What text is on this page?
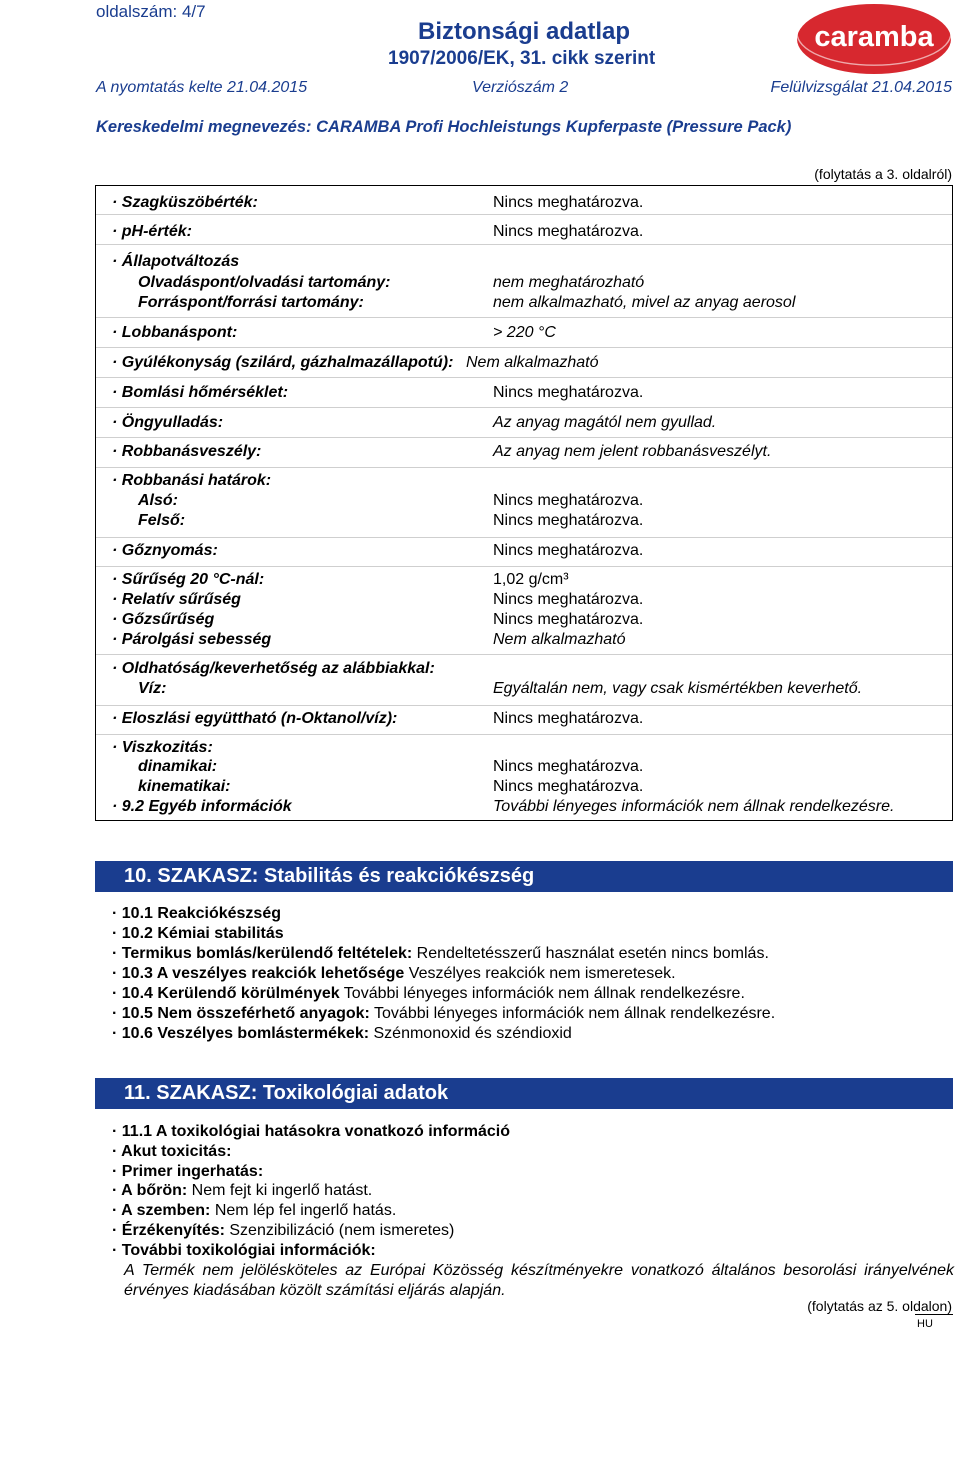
oldalszám: 4/7
Biztonsági adatlap
1907/2006/EK, 31. cikk szerint
A nyomtatás kelte 21.04.2015	Verziószám 2	Felülvizsgálat 21.04.2015
Kereskedelmi megnevezés: CARAMBA Profi Hochleistungs Kupferpaste (Pressure Pack)
caramba
(folytatás a 3. oldalról)
· Szagküszöbérték:	Nincs meghatározva.
· pH-érték:	Nincs meghatározva.
· Állapotváltozás
Olvadáspont/olvadási tartomány:	nem meghatározható
Forráspont/forrási tartomány:	nem alkalmazható, mivel az anyag aerosol
· Lobbanáspont:	> 220 °C
· Gyúlékonyság (szilárd, gázhalmazállapotú): Nem alkalmazható
· Bomlási hőmérséklet:	Nincs meghatározva.
· Öngyulladás:	Az anyag magától nem gyullad.
· Robbanásveszély:	Az anyag nem jelent robbanásveszélyt.
· Robbanási határok:
Alsó:	Nincs meghatározva.
Felső:	Nincs meghatározva.
· Gőznyomás:	Nincs meghatározva.
· Sűrűség 20 °C-nál:	1,02 g/cm³
· Relatív sűrűség	Nincs meghatározva.
· Gőzsűrűség	Nincs meghatározva.
· Párolgási sebesség	Nem alkalmazható
· Oldhatóság/keverhetőség az alábbiakkal:
Víz:	Egyáltalán nem, vagy csak kismértékben keverhető.
· Eloszlási együttható (n-Oktanol/víz):	Nincs meghatározva.
· Viszkozitás:
dinamikai:	Nincs meghatározva.
kinematikai:	Nincs meghatározva.
· 9.2 Egyéb információk	További lényeges információk nem állnak rendelkezésre.
10. SZAKASZ: Stabilitás és reakciókészség
· 10.1 Reakciókészség
· 10.2 Kémiai stabilitás
· Termikus bomlás/kerülendő feltételek: Rendeltetésszerű használat esetén nincs bomlás.
· 10.3 A veszélyes reakciók lehetősége Veszélyes reakciók nem ismeretesek.
· 10.4 Kerülendő körülmények További lényeges információk nem állnak rendelkezésre.
· 10.5 Nem összeférhető anyagok: További lényeges információk nem állnak rendelkezésre.
· 10.6 Veszélyes bomlástermékek: Szénmonoxid és széndioxid
11. SZAKASZ: Toxikológiai adatok
· 11.1 A toxikológiai hatásokra vonatkozó információ
· Akut toxicitás:
· Primer ingerhatás:
· A bőrön: Nem fejt ki ingerlő hatást.
· A szemben: Nem lép fel ingerlő hatás.
· Érzékenyítés: Szenzibilizáció (nem ismeretes)
· További toxikológiai információk:
A Termék nem jelölésköteles az Európai Közösség készítményekre vonatkozó általános besorolási irányelvének érvényes kiadásában közölt számítási eljárás alapján.
(folytatás az 5. oldalon)
HU
